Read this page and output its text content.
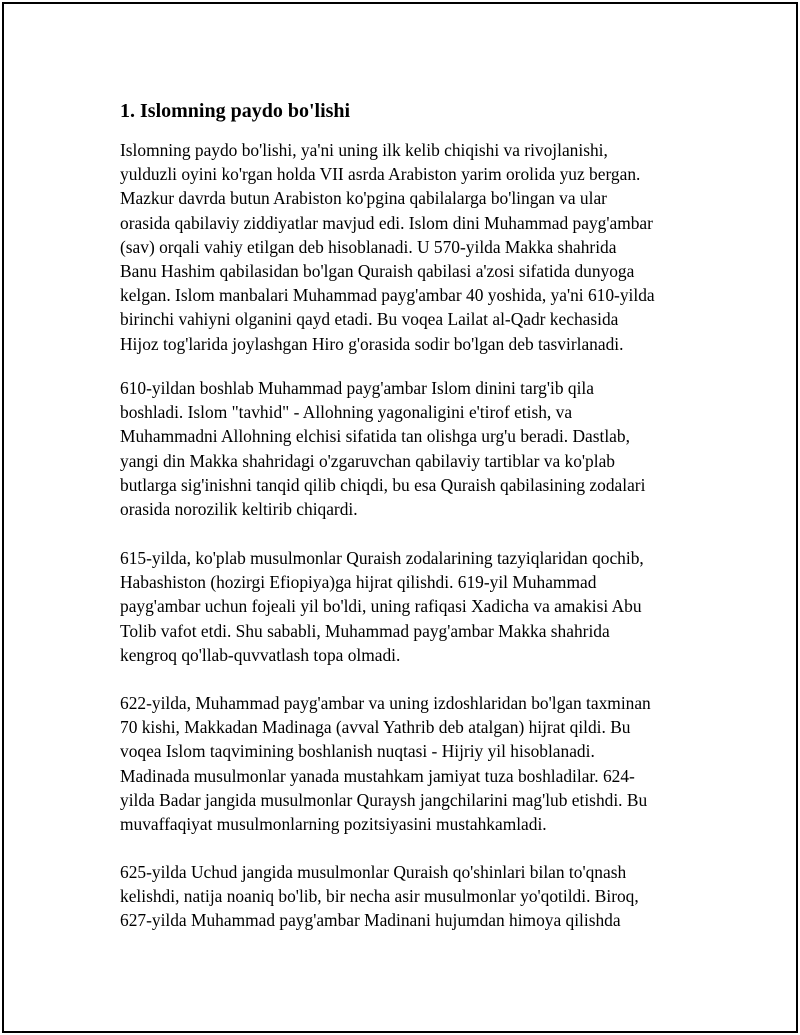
1. Islomning paydo bo'lishi
Islomning paydo bo'lishi, ya'ni uning ilk kelib chiqishi va rivojlanishi,
yulduzli oyini ko'rgan holda VII asrda Arabiston yarim orolida yuz bergan.
Mazkur davrda butun Arabiston ko'pgina qabilalarga bo'lingan va ular
orasida qabilaviy ziddiyatlar mavjud edi. Islom dini Muhammad payg'ambar
(sav) orqali vahiy etilgan deb hisoblanadi. U 570-yilda Makka shahrida
Banu Hashim qabilasidan bo'lgan Quraish qabilasi a'zosi sifatida dunyoga
kelgan. Islom manbalari Muhammad payg'ambar 40 yoshida, ya'ni 610-yilda
birinchi vahiyni olganini qayd etadi. Bu voqea Lailat al-Qadr kechasida
Hijoz tog'larida joylashgan Hiro g'orasida sodir bo'lgan deb tasvirlanadi.
610-yildan boshlab Muhammad payg'ambar Islom dinini targ'ib qila
boshladi. Islom "tavhid" - Allohning yagonaligini e'tirof etish, va
Muhammadni Allohning elchisi sifatida tan olishga urg'u beradi. Dastlab,
yangi din Makka shahridagi o'zgaruvchan qabilaviy tartiblar va ko'plab
butlarga sig'inishni tanqid qilib chiqdi, bu esa Quraish qabilasining zodalari
orasida norozilik keltirib chiqardi.
615-yilda, ko'plab musulmonlar Quraish zodalarining tazyiqlaridan qochib,
Habashiston (hozirgi Efiopiya)ga hijrat qilishdi. 619-yil Muhammad
payg'ambar uchun fojeali yil bo'ldi, uning rafiqasi Xadicha va amakisi Abu
Tolib vafot etdi. Shu sababli, Muhammad payg'ambar Makka shahrida
kengroq qo'llab-quvvatlash topa olmadi.
622-yilda, Muhammad payg'ambar va uning izdoshlaridan bo'lgan taxminan
70 kishi, Makkadan Madinaga (avval Yathrib deb atalgan) hijrat qildi. Bu
voqea Islom taqvimining boshlanish nuqtasi - Hijriy yil hisoblanadi.
Madinada musulmonlar yanada mustahkam jamiyat tuza boshladilar. 624-
yilda Badar jangida musulmonlar Quraysh jangchilarini mag'lub etishdi. Bu
muvaffaqiyat musulmonlarning pozitsiyasini mustahkamladi.
625-yilda Uchud jangida musulmonlar Quraish qo'shinlari bilan to'qnash
kelishdi, natija noaniq bo'lib, bir necha asir musulmonlar yo'qotildi. Biroq,
627-yilda Muhammad payg'ambar Madinani hujumdan himoya qilishda
